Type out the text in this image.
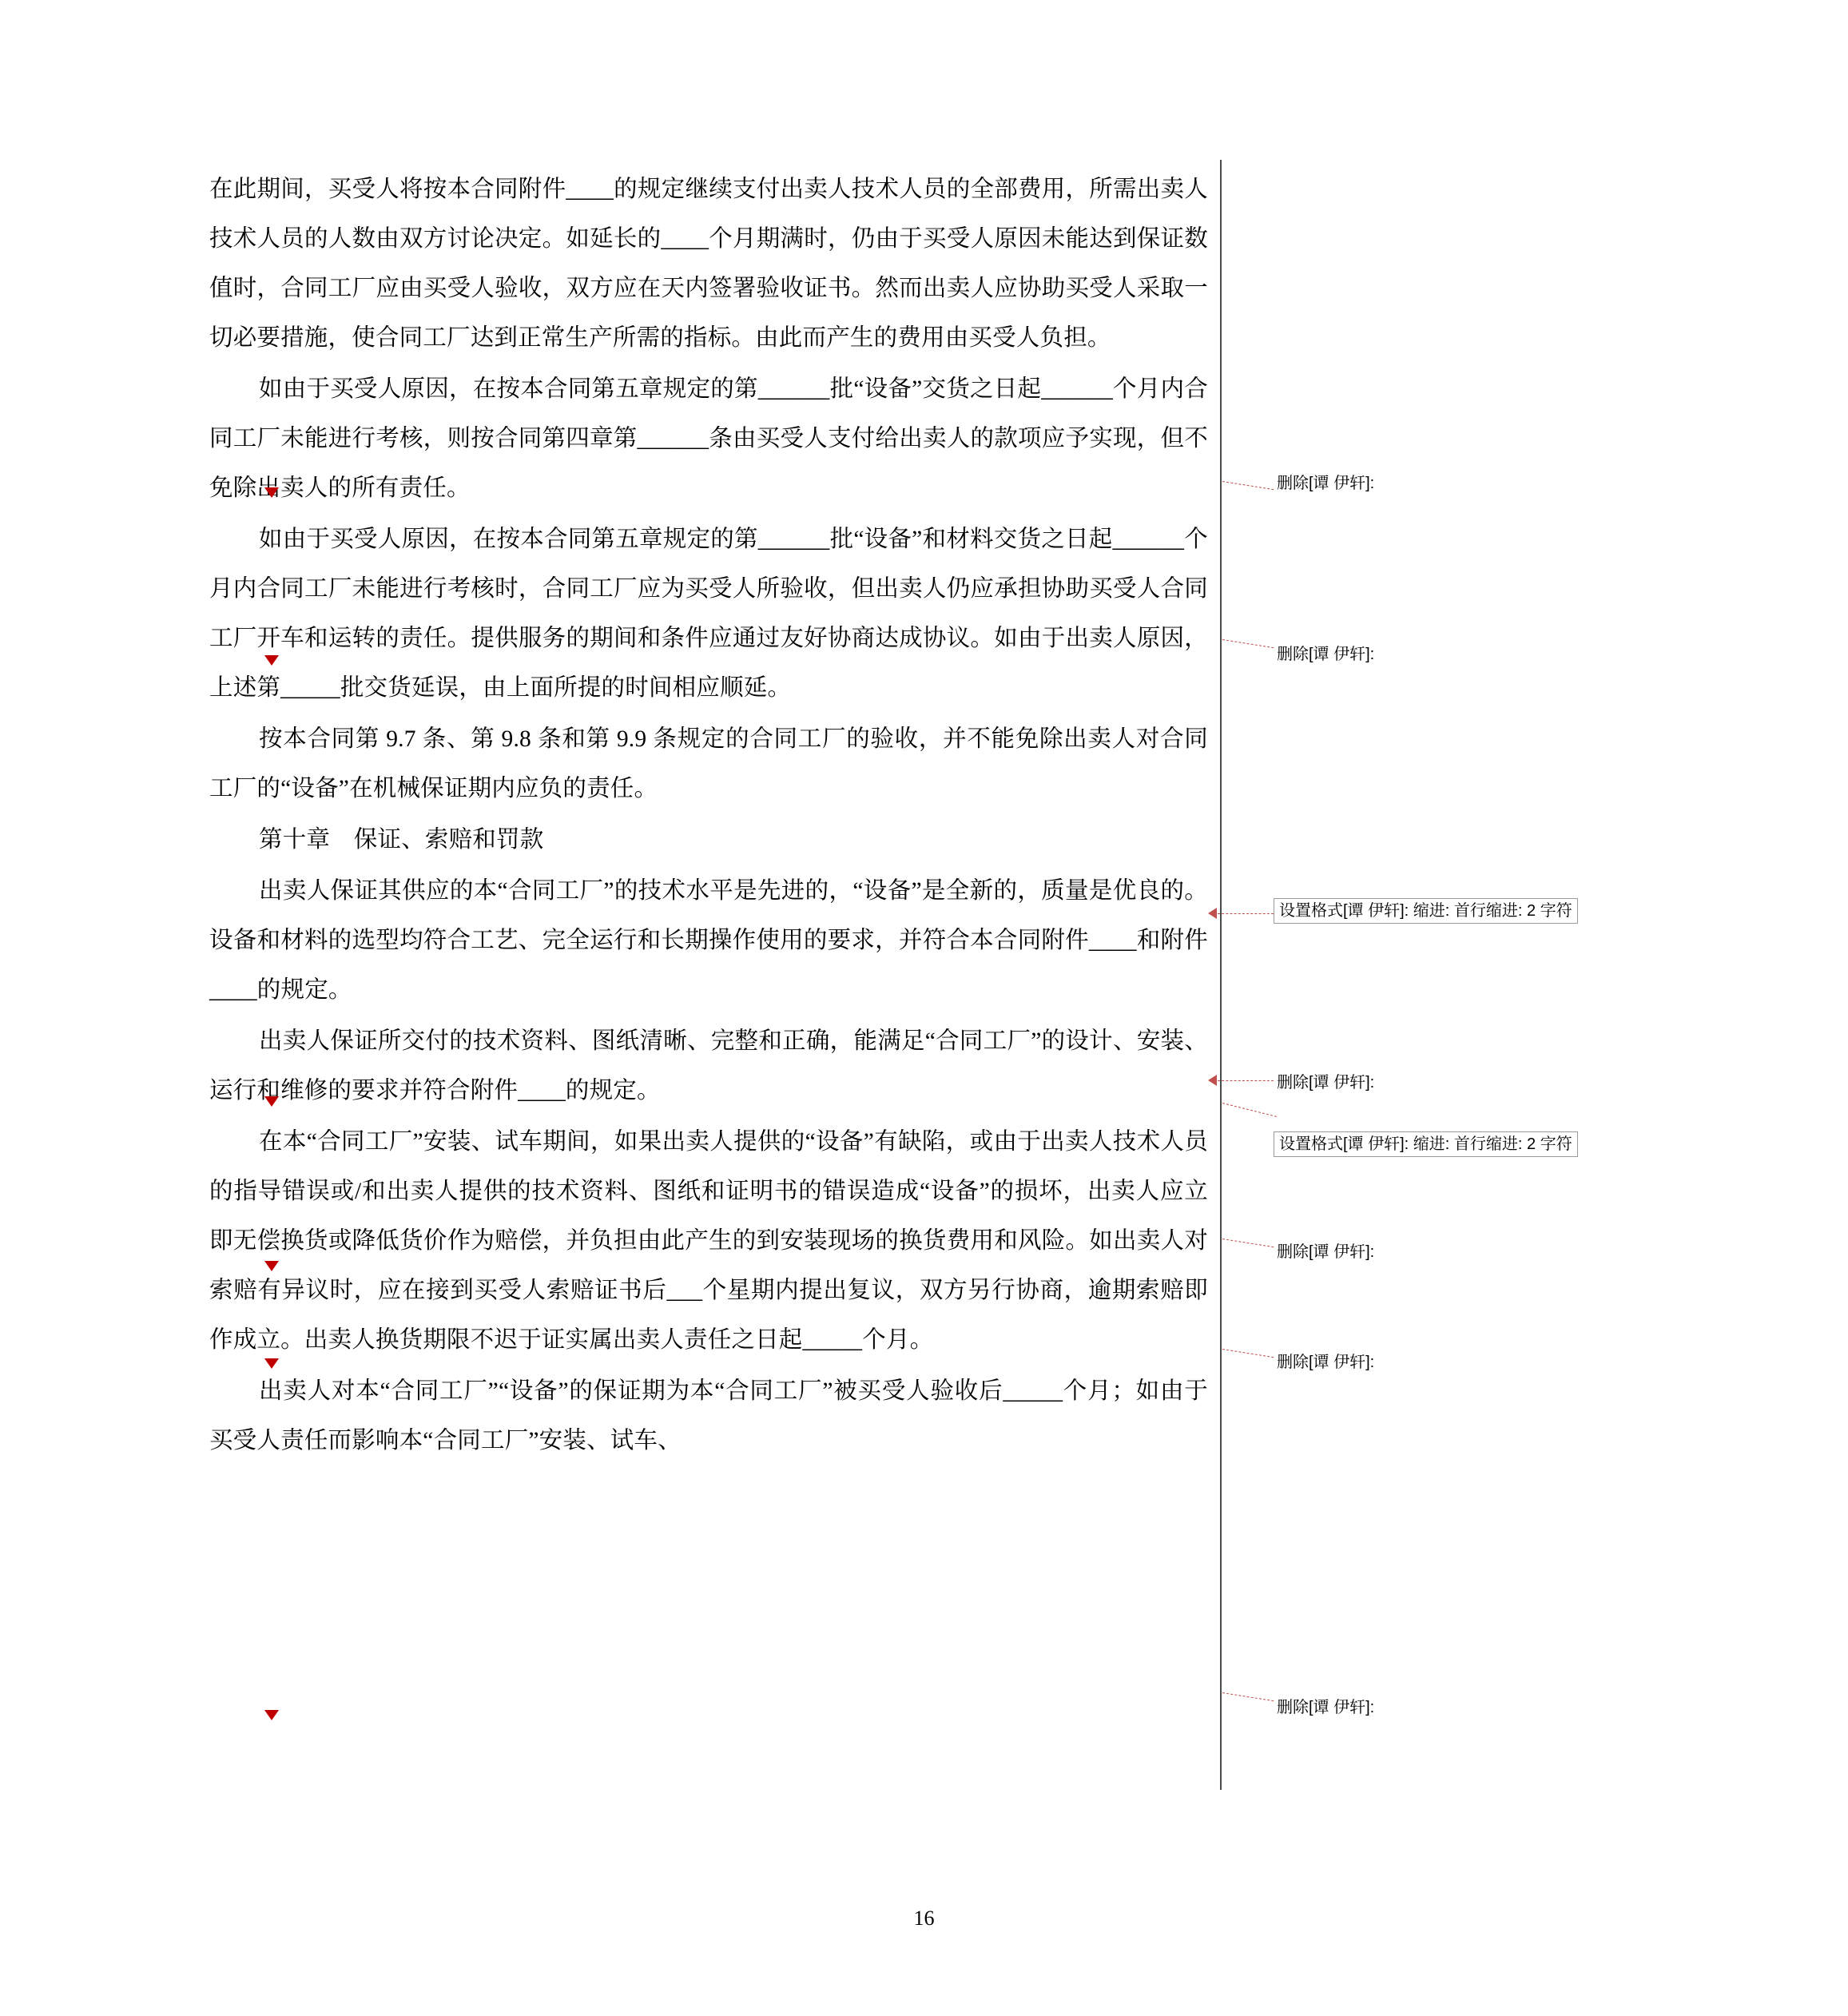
在此期间，买受人将按本合同附件____的规定继续支付出卖人技术人员的全部费用，所需出卖人技术人员的人数由双方讨论决定。如延长的____个月期满时，仍由于买受人原因未能达到保证数值时，合同工厂应由买受人验收，双方应在天内签署验收证书。然而出卖人应协助买受人采取一切必要措施，使合同工厂达到正常生产所需的指标。由此而产生的费用由买受人负担。

如由于买受人原因，在按本合同第五章规定的第______批“设备”交货之日起______个月内合同工厂未能进行考核，则按合同第四章第______条由买受人支付给出卖人的款项应予实现，但不免除出卖人的所有责任。

如由于买受人原因，在按本合同第五章规定的第______批“设备”和材料交货之日起______个月内合同工厂未能进行考核时，合同工厂应为买受人所验收，但出卖人仍应承担协助买受人合同工厂开车和运转的责任。提供服务的期间和条件应通过友好协商达成协议。如由于出卖人原因，上述第_____批交货延误，由上面所提的时间相应顺延。

按本合同第 9.7 条、第 9.8 条和第 9.9 条规定的合同工厂的验收，并不能免除出卖人对合同工厂的“设备”在机械保证期内应负的责任。

第十章　保证、索赔和罚款

出卖人保证其供应的本“合同工厂”的技术水平是先进的，“设备”是全新的，质量是优良的。设备和材料的选型均符合工艺、完全运行和长期操作使用的要求，并符合本合同附件____和附件____的规定。

出卖人保证所交付的技术资料、图纸清晰、完整和正确，能满足“合同工厂”的设计、安装、运行和维修的要求并符合附件____的规定。

在本“合同工厂”安装、试车期间，如果出卖人提供的“设备”有缺陷，或由于出卖人技术人员的指导错误或/和出卖人提供的技术资料、图纸和证明书的错误造成“设备”的损坏，出卖人应立即无偿换货或降低货价作为赔偿，并负担由此产生的到安装现场的换货费用和风险。如出卖人对索赔有异议时，应在接到买受人索赔证书后___个星期内提出复议，双方另行协商，逾期索赔即作成立。出卖人换货期限不迟于证实属出卖人责任之日起_____个月。

出卖人对本“合同工厂”“设备”的保证期为本“合同工厂”被买受人验收后_____个月；如由于买受人责任而影响本“合同工厂”安装、试车、

删除[谭 伊轩]:
删除[谭 伊轩]:
设置格式[谭 伊轩]: 缩进: 首行缩进: 2 字符
删除[谭 伊轩]:
设置格式[谭 伊轩]: 缩进: 首行缩进: 2 字符
删除[谭 伊轩]:
删除[谭 伊轩]:
删除[谭 伊轩]:
16
